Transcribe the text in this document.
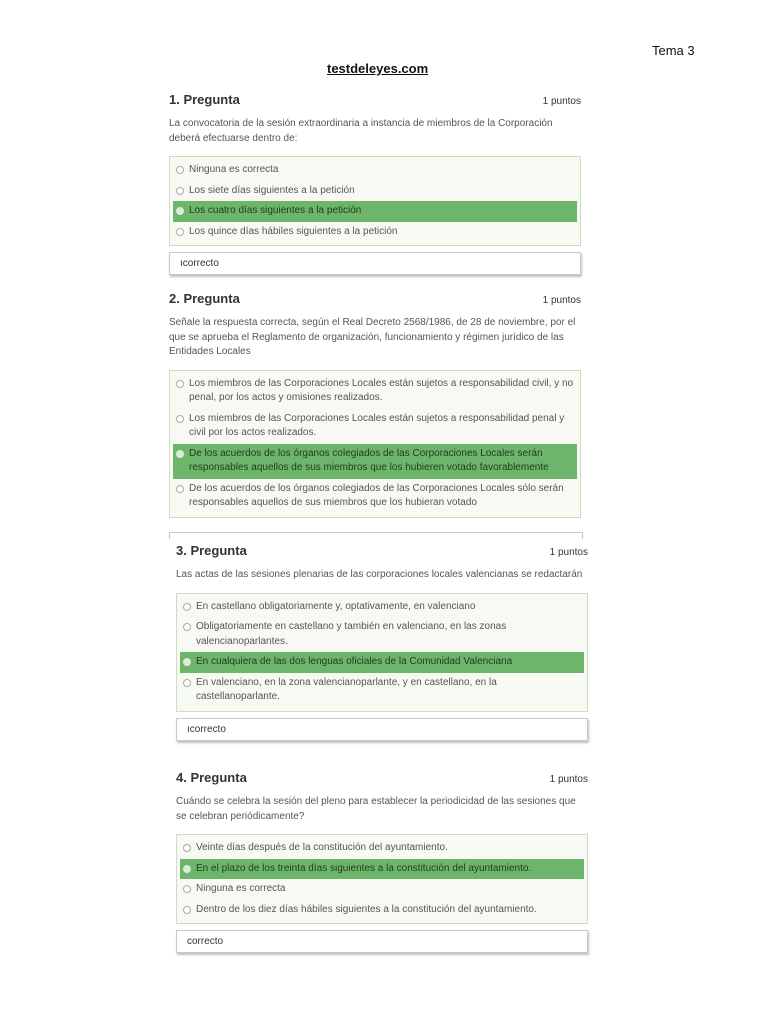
Tema 3
testdeleyes.com
1. Pregunta	1 puntos
La convocatoria de la sesión extraordinaria a instancia de miembros de la Corporación deberá efectuarse dentro de:
Ninguna es correcta
Los siete días siguientes a la petición
Los cuatro días siguientes a la petición
Los quince días hábiles siguientes a la petición
ıcorrecto
2. Pregunta	1 puntos
Señale la respuesta correcta, según el Real Decreto 2568/1986, de 28 de noviembre, por el que se aprueba el Reglamento de organización, funcionamiento y régimen jurídico de las Entidades Locales
Los miembros de las Corporaciones Locales están sujetos a responsabilidad civil, y no penal, por los actos y omisiones realizados.
Los miembros de las Corporaciones Locales están sujetos a responsabilidad penal y civil por los actos realizados.
De los acuerdos de los órganos colegiados de las Corporaciones Locales serán responsables aquellos de sus miembros que los hubieren votado favorablemente
De los acuerdos de los órganos colegiados de las Corporaciones Locales sólo serán responsables aquellos de sus miembros que los hubieran votado
3. Pregunta	1 puntos
Las actas de las sesiones plenarias de las corporaciones locales valencianas se redactarán
En castellano obligatoriamente y, optativamente, en valenciano
Obligatoriamente en castellano y también en valenciano, en las zonas valencianoparlantes.
En cualquiera de las dos lenguas oficiales de la Comunidad Valenciana
En valenciano, en la zona valencianoparlante, y en castellano, en la castellanoparlante.
ıcorrecto
4. Pregunta	1 puntos
Cuándo se celebra la sesión del pleno para establecer la periodicidad de las sesiones que se celebran periódicamente?
Veinte días después de la constitución del ayuntamiento.
En el plazo de los treinta días siguientes a la constitución del ayuntamiento.
Ninguna es correcta
Dentro de los diez días hábiles siguientes a la constitución del ayuntamiento.
correcto
